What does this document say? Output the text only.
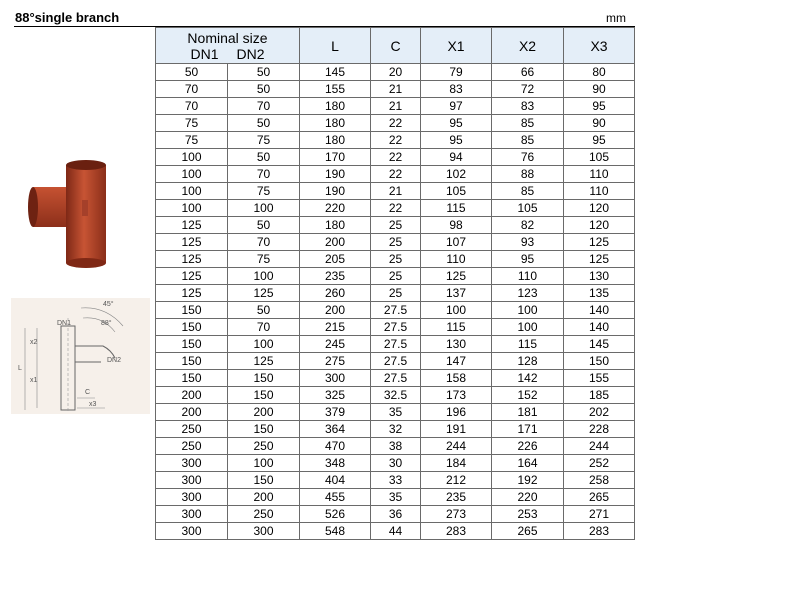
88°single branch	mm
DN1
DN2
45°
88°
x2
x1
L
C
x3
Nominal size
DN1 DN2		L	C	X1	X2	X3
50	50	145	20	79	66	80
70	50	155	21	83	72	90
70	70	180	21	97	83	95
75	50	180	22	95	85	90
75	75	180	22	95	85	95
100	50	170	22	94	76	105
100	70	190	22	102	88	110
100	75	190	21	105	85	110
100	100	220	22	115	105	120
125	50	180	25	98	82	120
125	70	200	25	107	93	125
125	75	205	25	110	95	125
125	100	235	25	125	110	130
125	125	260	25	137	123	135
150	50	200	27.5	100	100	140
150	70	215	27.5	115	100	140
150	100	245	27.5	130	115	145
150	125	275	27.5	147	128	150
150	150	300	27.5	158	142	155
200	150	325	32.5	173	152	185
200	200	379	35	196	181	202
250	150	364	32	191	171	228
250	250	470	38	244	226	244
300	100	348	30	184	164	252
300	150	404	33	212	192	258
300	200	455	35	235	220	265
300	250	526	36	273	253	271
300	300	548	44	283	265	283
